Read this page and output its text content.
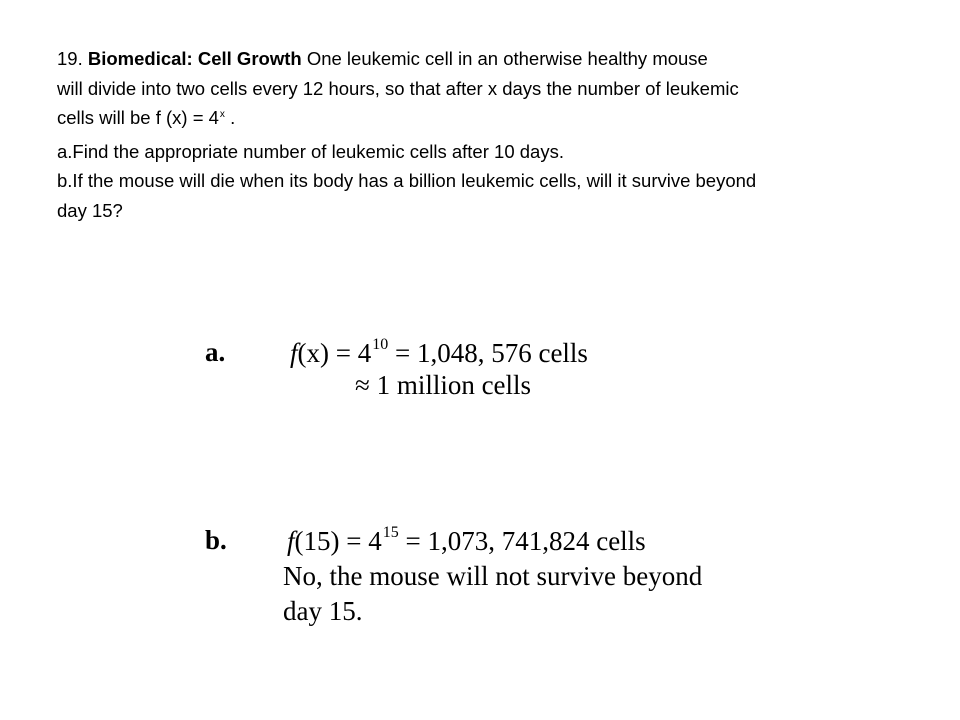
19. Biomedical: Cell Growth One leukemic cell in an otherwise healthy mouse

will divide into two cells every 12 hours, so that after x days the number of leukemic

cells will be f $(x) = 4^x$ .

a.Find the appropriate number of leukemic cells after 10 days.

b.If the mouse will die when its body has a billion leukemic cells, will it survive beyond

day 15?

a. $f(x) = 4^{10} = 1,048$, 576 cells
≈ 1 million cells
b. $f(15) = 4^{15} = 1,073$, 741,824 cells
No, the mouse will not survive beyond
day 15.
